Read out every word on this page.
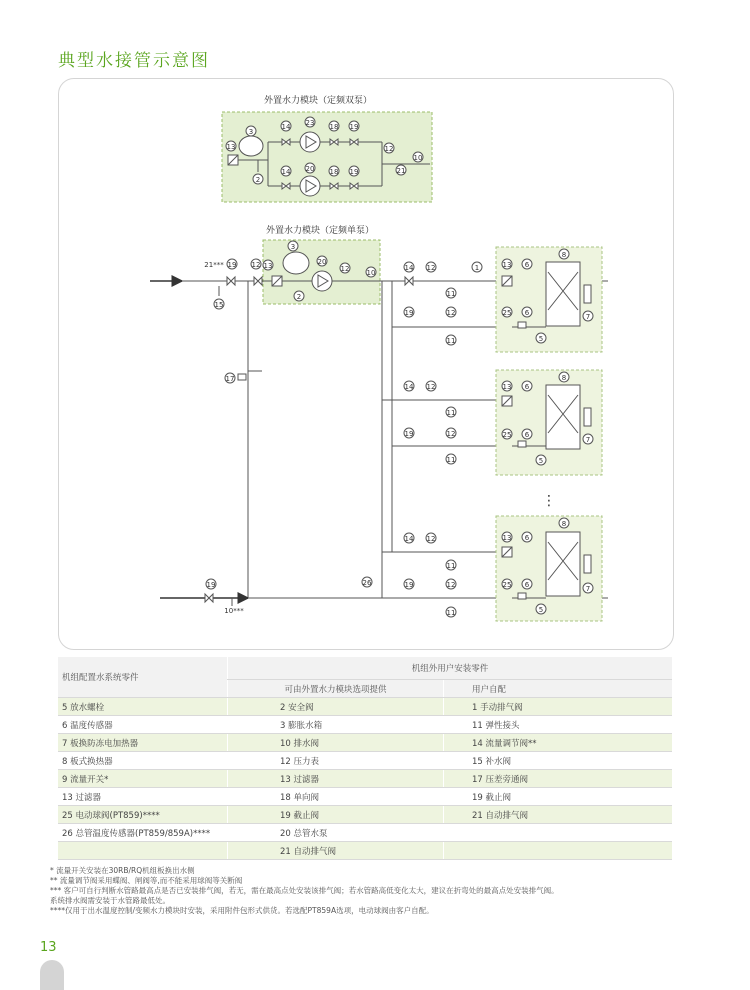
典型水接管示意图
外置水力模块（定频双泵）
3
13
2
14 23 18 19
14 20 18 19
12
21
10
外置水力模块（定频单泵）
21*** 19
15
12
3
13
2
20
12 10
14 12	1
11
17
19
10***
26
19	12
14 12
11
19	12
11
11
14 12
11
19	12
11
8
13 6
25 6
5
7
8
13 6
25 6
5
7
⋮
8
13 6
25 6
5
7
机组配置水系统零件	机组外用户安装零件	
	可由外置水力模块选项提供	用户自配
5 放水螺栓	2 安全阀	1 手动排气阀
6 温度传感器	3 膨胀水箱	11 弹性接头
7 板换防冻电加热器	10 排水阀	14 流量调节阀**
8 板式换热器	12 压力表	15 补水阀
9 流量开关*	13 过滤器	17 压差旁通阀
13 过滤器	18 单向阀	19 截止阀
25 电动球阀(PT859)****	19 截止阀	21 自动排气阀
26 总管温度传感器(PT859/859A)****	20 总管水泵	
	21 自动排气阀	
* 流量开关安装在30RB/RQ机组板换出水侧
** 流量调节阀采用蝶阀、闸阀等,而不能采用球阀等关断阀
*** 客户可自行判断水管路最高点是否已安装排气阀，若无，需在最高点处安装该排气阀；若水管路高低变化太大，建议在折弯处的最高点处安装排气阀。
系统排水阀需安装于水管路最低处。
****仅用于出水温度控制/变频水力模块时安装，采用附件包形式供货。若选配PT859A选项，电动球阀由客户自配。
13
